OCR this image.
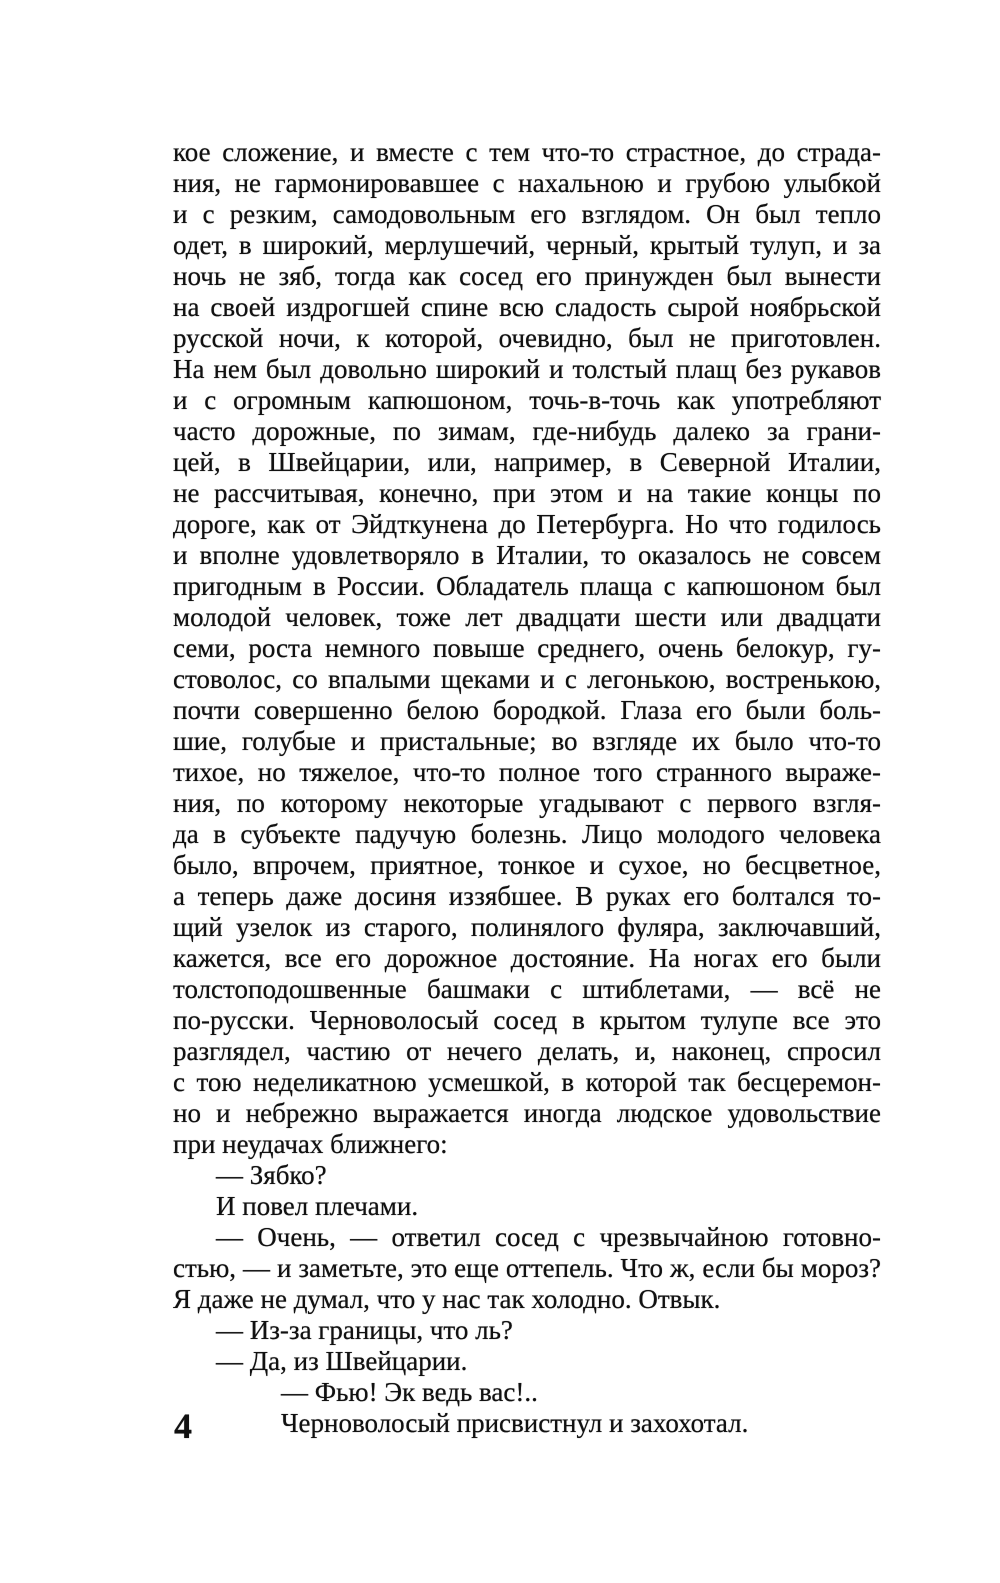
кое сложение, и вместе с тем что-то страстное, до страда-
ния, не гармонировавшее с нахальною и грубою улыбкой
и с резким, самодовольным его взглядом. Он был тепло
одет, в широкий, мерлушечий, черный, крытый тулуп, и за
ночь не зяб, тогда как сосед его принужден был вынести
на своей издрогшей спине всю сладость сырой ноябрьской
русской ночи, к которой, очевидно, был не приготовлен.
На нем был довольно широкий и толстый плащ без рукавов
и с огромным капюшоном, точь-в-точь как употребляют
часто дорожные, по зимам, где-нибудь далеко за грани-
цей, в Швейцарии, или, например, в Северной Италии,
не рассчитывая, конечно, при этом и на такие концы по
дороге, как от Эйдткунена до Петербурга. Но что годилось
и вполне удовлетворяло в Италии, то оказалось не совсем
пригодным в России. Обладатель плаща с капюшоном был
молодой человек, тоже лет двадцати шести или двадцати
семи, роста немного повыше среднего, очень белокур, гу-
стоволос, со впалыми щеками и с легонькою, востренькою,
почти совершенно белою бородкой. Глаза его были боль-
шие, голубые и пристальные; во взгляде их было что-то
тихое, но тяжелое, что-то полное того странного выраже-
ния, по которому некоторые угадывают с первого взгля-
да в субъекте падучую болезнь. Лицо молодого человека
было, впрочем, приятное, тонкое и сухое, но бесцветное,
а теперь даже досиня иззябшее. В руках его болтался то-
щий узелок из старого, полинялого фуляра, заключавший,
кажется, все его дорожное достояние. На ногах его были
толстоподошвенные башмаки с штиблетами, — всё не
по-русски. Черноволосый сосед в крытом тулупе все это
разглядел, частию от нечего делать, и, наконец, спросил
с тою неделикатною усмешкой, в которой так бесцеремон-
но и небрежно выражается иногда людское удовольствие
при неудачах ближнего:
— Зябко?
И повел плечами.
— Очень, — ответил сосед с чрезвычайною готовно-
стью, — и заметьте, это еще оттепель. Что ж, если бы мороз?
Я даже не думал, что у нас так холодно. Отвык.
— Из-за границы, что ль?
— Да, из Швейцарии.
— Фью! Эк ведь вас!..
Черноволосый присвистнул и захохотал.
4
